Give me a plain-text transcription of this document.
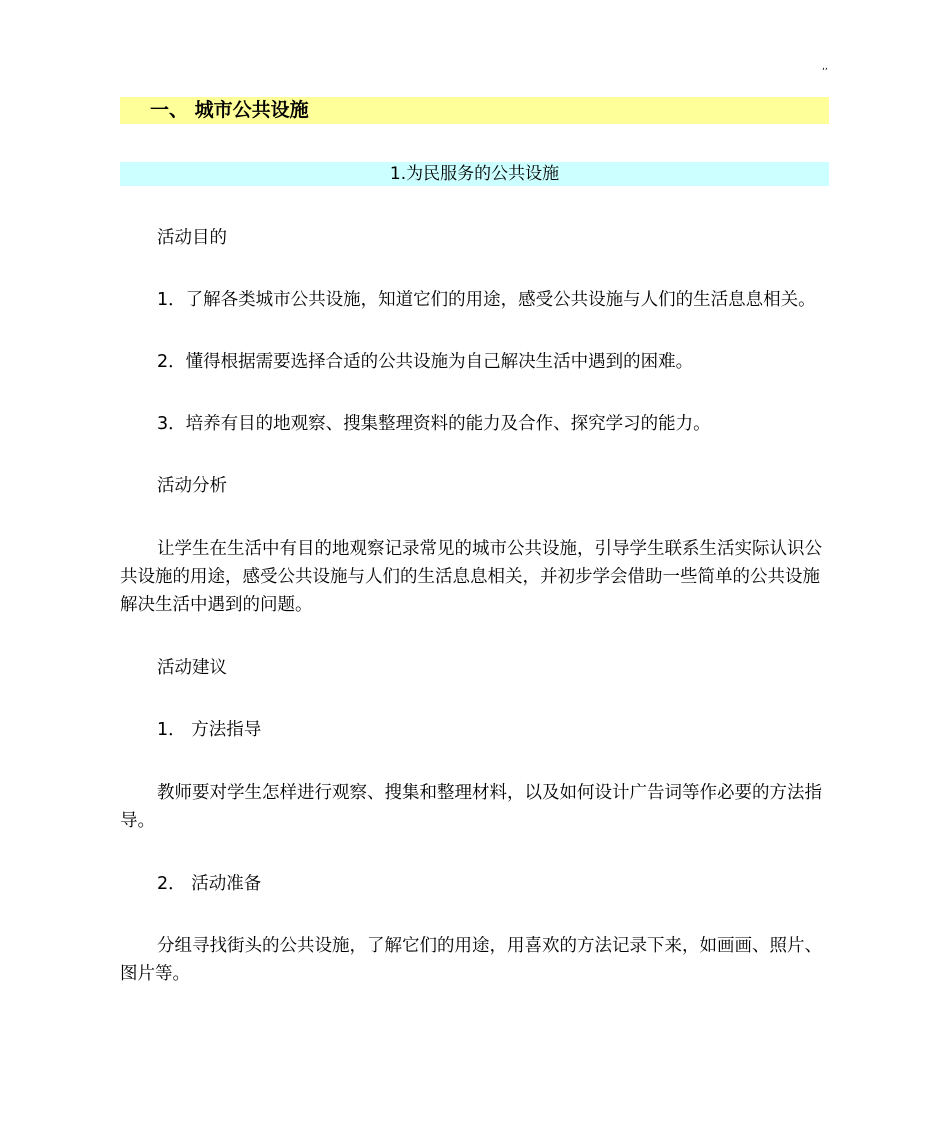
,,
一、 城市公共设施
1.为民服务的公共设施
活动目的
1．了解各类城市公共设施，知道它们的用途，感受公共设施与人们的生活息息相关。
2．懂得根据需要选择合适的公共设施为自己解决生活中遇到的困难。
3．培养有目的地观察、搜集整理资料的能力及合作、探究学习的能力。
活动分析
让学生在生活中有目的地观察记录常见的城市公共设施，引导学生联系生活实际认识公共设施的用途，感受公共设施与人们的生活息息相关，并初步学会借助一些简单的公共设施解决生活中遇到的问题。
活动建议
1． 方法指导
教师要对学生怎样进行观察、搜集和整理材料，以及如何设计广告词等作必要的方法指导。
2． 活动准备
分组寻找街头的公共设施，了解它们的用途，用喜欢的方法记录下来，如画画、照片、图片等。
